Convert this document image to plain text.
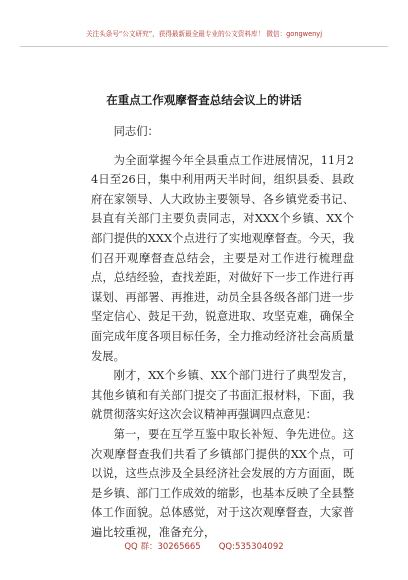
关注头条号“公文研究”，获得最新最全最专业的公文资料库！ 微信：gongwenyj
在重点工作观摩督查总结会议上的讲话

同志们：

为全面掌握今年全县重点工作进展情况，11月24日至26日，集中利用两天半时间，组织县委、县政府在家领导、人大政协主要领导、各乡镇党委书记、县直有关部门主要负责同志，对XXX个乡镇、XX个部门提供的XXX个点进行了实地观摩督查。今天，我们召开观摩督查总结会，主要是对工作进行梳理盘点，总结经验，查找差距，对做好下一步工作进行再谋划、再部署、再推进，动员全县各级各部门进一步坚定信心、鼓足干劲，锐意进取、攻坚克难，确保全面完成年度各项目标任务，全力推动经济社会高质量发展。

刚才，XX个乡镇、XX个部门进行了典型发言，其他乡镇和有关部门提交了书面汇报材料，下面，我就贯彻落实好这次会议精神再强调四点意见：

第一，要在互学互鉴中取长补短、争先进位。这次观摩督查我们共看了乡镇部门提供的XX个点，可以说，这些点涉及全县经济社会发展的方方面面，既是乡镇、部门工作成效的缩影，也基本反映了全县整体工作面貌。总体感觉，对于这次观摩督查，大家普遍比较重视，准备充分，

QQ 群：30265665 QQ:535304092
